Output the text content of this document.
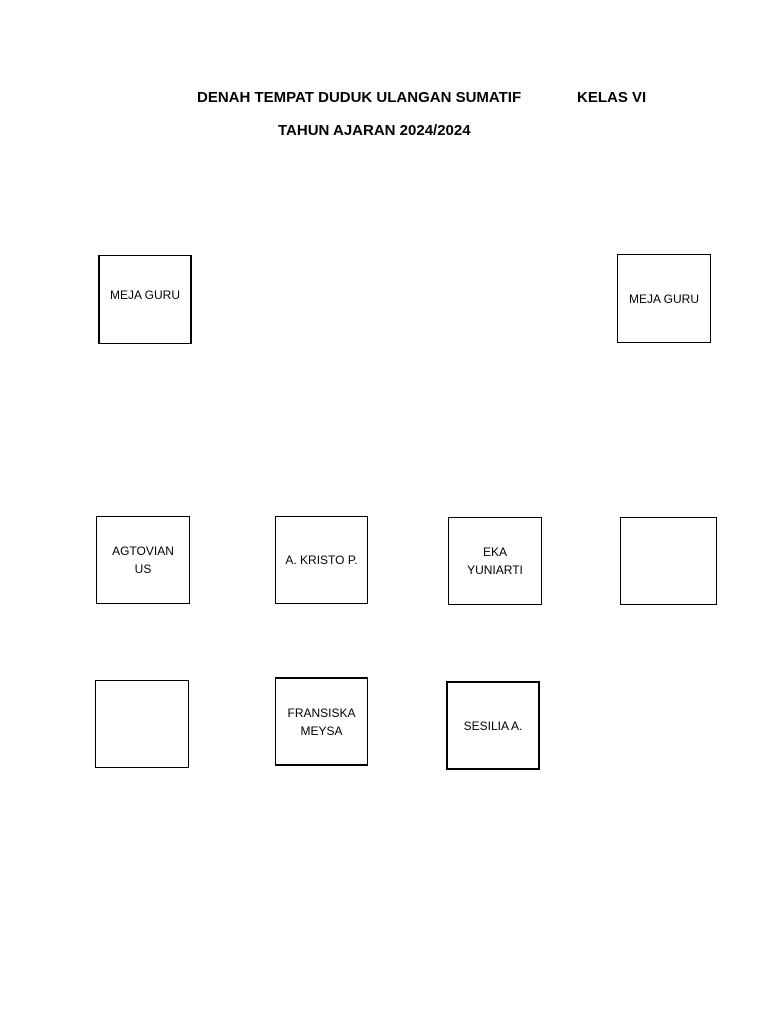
DENAH TEMPAT DUDUK ULANGAN SUMATIF	KELAS VI
TAHUN AJARAN 2024/2024
MEJA GURU	MEJA GURU
AGTOVIANUS
A. KRISTO P.
EKA YUNIARTI
FRANSISKA MEYSA	SESILIA A.
